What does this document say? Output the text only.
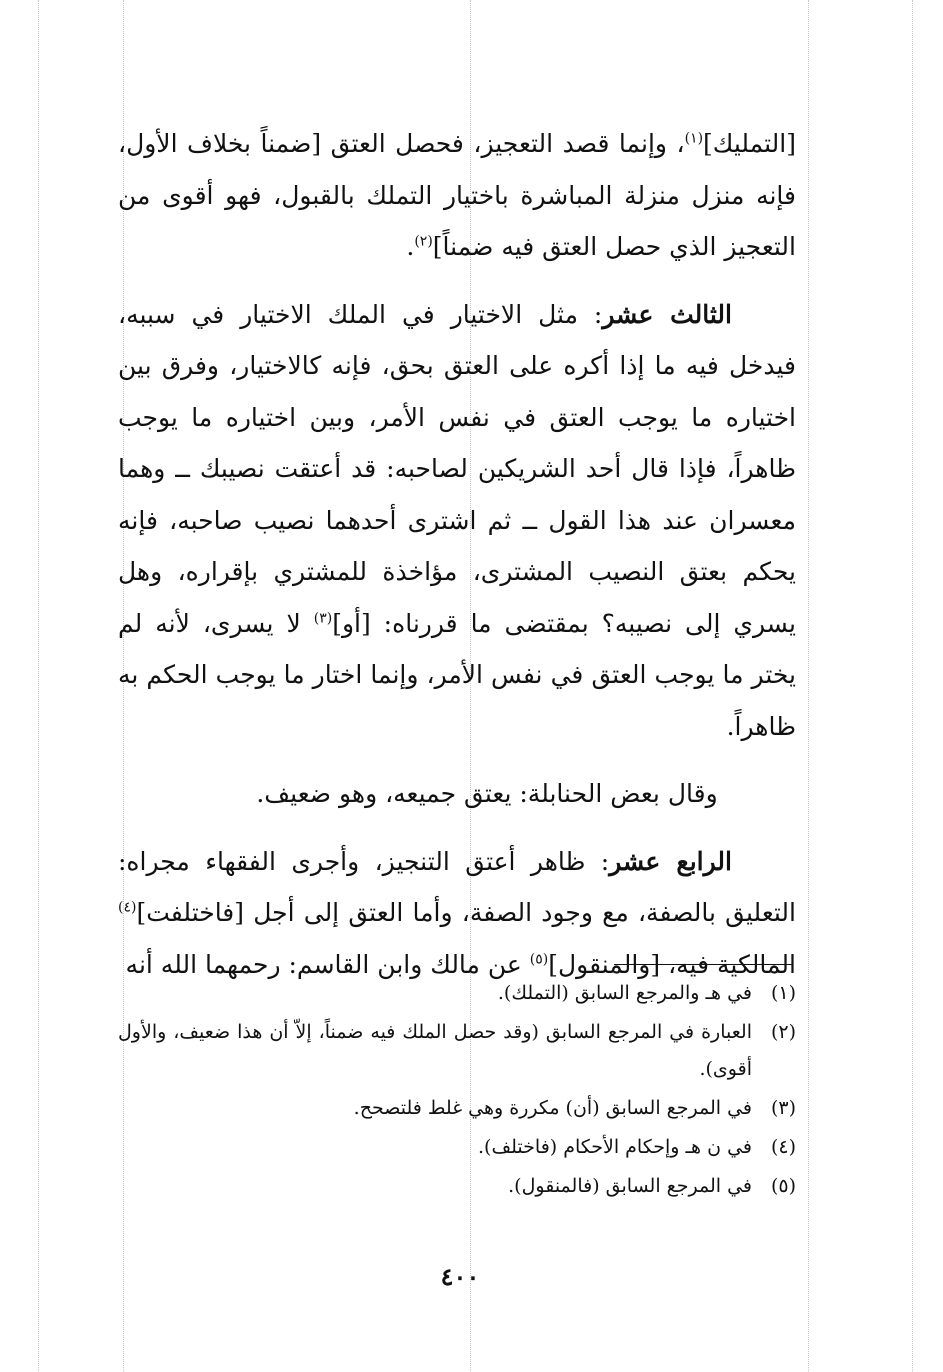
[التمليك]$^{(١)}$، وإنما قصد التعجيز، فحصل العتق [ضمناً بخلاف الأول، فإنه منزل منزلة المباشرة باختيار التملك بالقبول، فهو أقوى من التعجيز الذي حصل العتق فيه ضمناً]$^{(٢)}$.

الثالث عشر: مثل الاختيار في الملك الاختيار في سببه، فيدخل فيه ما إذا أكره على العتق بحق، فإنه كالاختيار، وفرق بين اختياره ما يوجب العتق في نفس الأمر، وبين اختياره ما يوجب ظاهراً، فإذا قال أحد الشريكين لصاحبه: قد أعتقت نصيبك ــ وهما معسران عند هذا القول ــ ثم اشترى أحدهما نصيب صاحبه، فإنه يحكم بعتق النصيب المشترى، مؤاخذة للمشتري بإقراره، وهل يسري إلى نصيبه؟ بمقتضى ما قررناه: [أو]$^{(٣)}$ لا يسرى، لأنه لم يختر ما يوجب العتق في نفس الأمر، وإنما اختار ما يوجب الحكم به ظاهراً.

وقال بعض الحنابلة: يعتق جميعه، وهو ضعيف.

الرابع عشر: ظاهر أعتق التنجيز، وأجرى الفقهاء مجراه: التعليق بالصفة، مع وجود الصفة، وأما العتق إلى أجل [فاختلفت]$^{(٤)}$ المالكية فيه، [والمنقول]$^{(٥)}$ عن مالك وابن القاسم: رحمهما الله أنه

(١)
في هـ والمرجع السابق (التملك).
(٢)
العبارة في المرجع السابق (وقد حصل الملك فيه ضمناً، إلاّ أن هذا ضعيف، والأول أقوى).
(٣)
في المرجع السابق (أن) مكررة وهي غلط فلتصحح.
(٤)
في ن هـ وإحكام الأحكام (فاختلف).
(٥)
في المرجع السابق (فالمنقول).
٤٠٠
